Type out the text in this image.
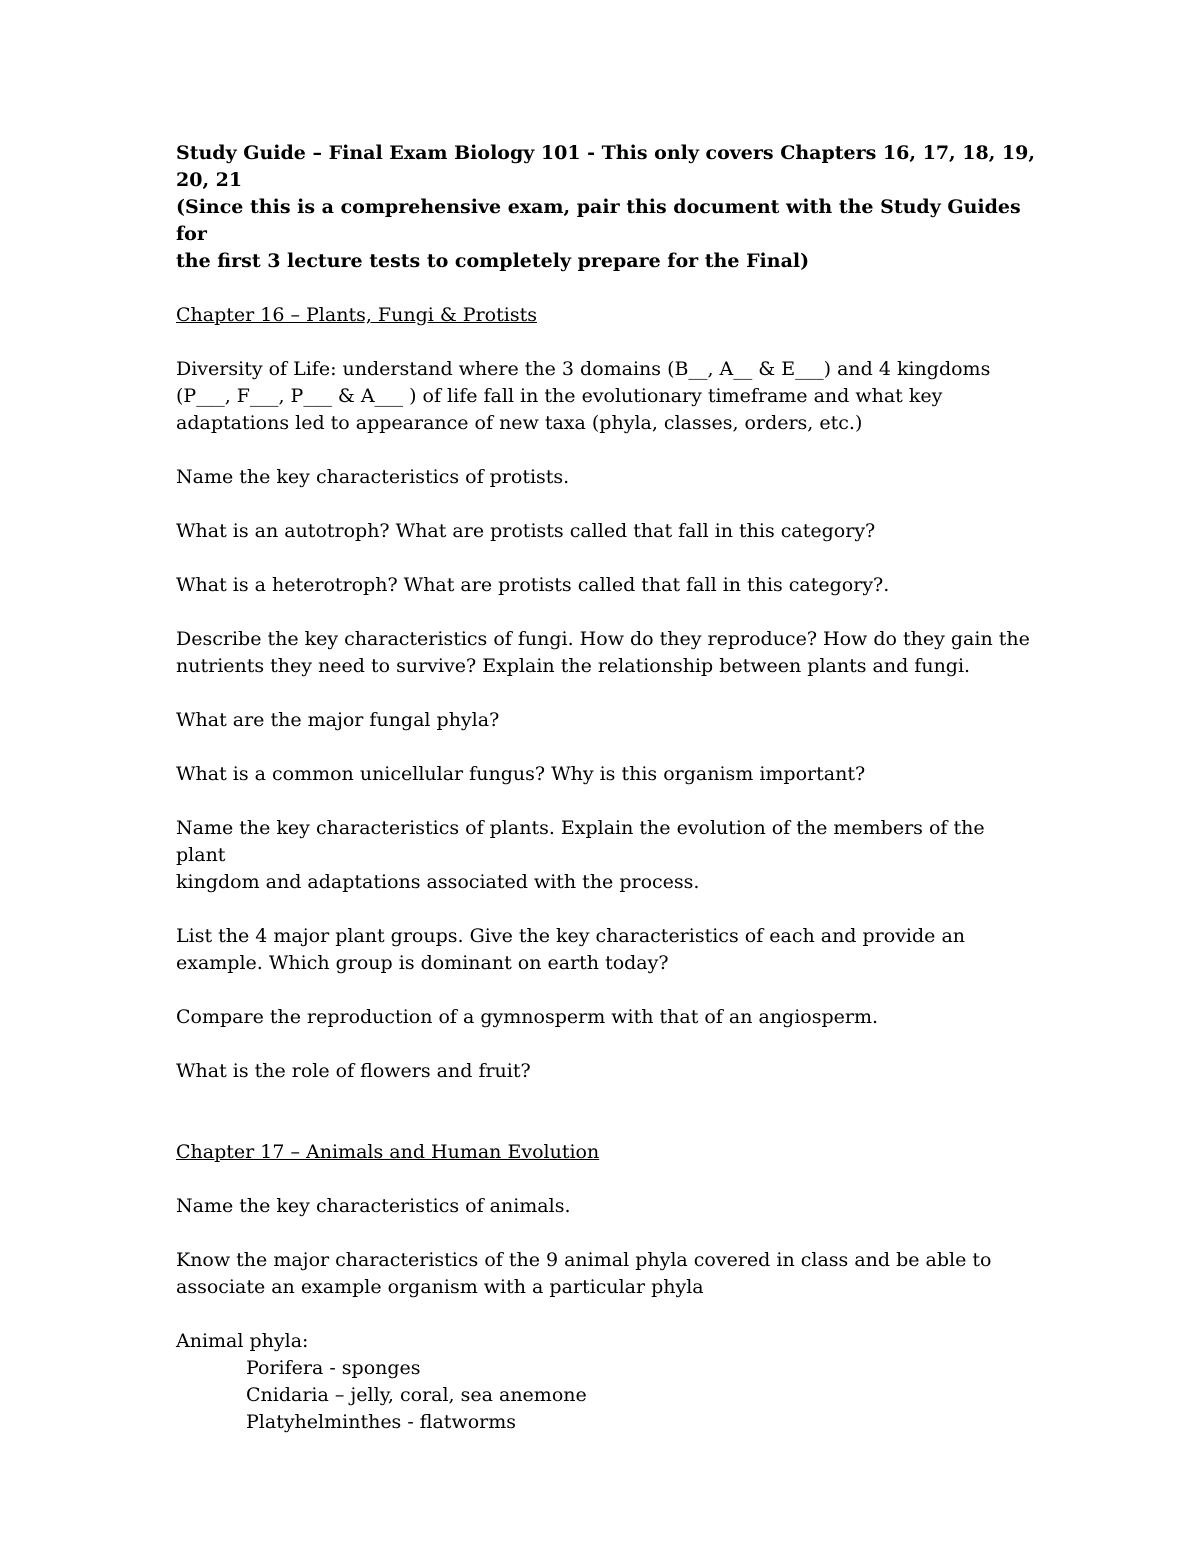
Study Guide – Final Exam Biology 101 - This only covers Chapters 16, 17, 18, 19,

20, 21

(Since this is a comprehensive exam, pair this document with the Study Guides for

the first 3 lecture tests to completely prepare for the Final)

Chapter 16 – Plants, Fungi & Protists

Diversity of Life: understand where the 3 domains (B__, A__ & E___) and 4 kingdoms

(P___, F___, P___ & A___ ) of life fall in the evolutionary timeframe and what key

adaptations led to appearance of new taxa (phyla, classes, orders, etc.)

Name the key characteristics of protists.

What is an autotroph? What are protists called that fall in this category?

What is a heterotroph? What are protists called that fall in this category?.

Describe the key characteristics of fungi. How do they reproduce? How do they gain the

nutrients they need to survive? Explain the relationship between plants and fungi.

What are the major fungal phyla?

What is a common unicellular fungus? Why is this organism important?

Name the key characteristics of plants. Explain the evolution of the members of the plant

kingdom and adaptations associated with the process.

List the 4 major plant groups. Give the key characteristics of each and provide an

example. Which group is dominant on earth today?

Compare the reproduction of a gymnosperm with that of an angiosperm.

What is the role of flowers and fruit?

Chapter 17 – Animals and Human Evolution

Name the key characteristics of animals.

Know the major characteristics of the 9 animal phyla covered in class and be able to

associate an example organism with a particular phyla

Animal phyla:

Porifera - sponges

Cnidaria – jelly, coral, sea anemone

Platyhelminthes - flatworms
